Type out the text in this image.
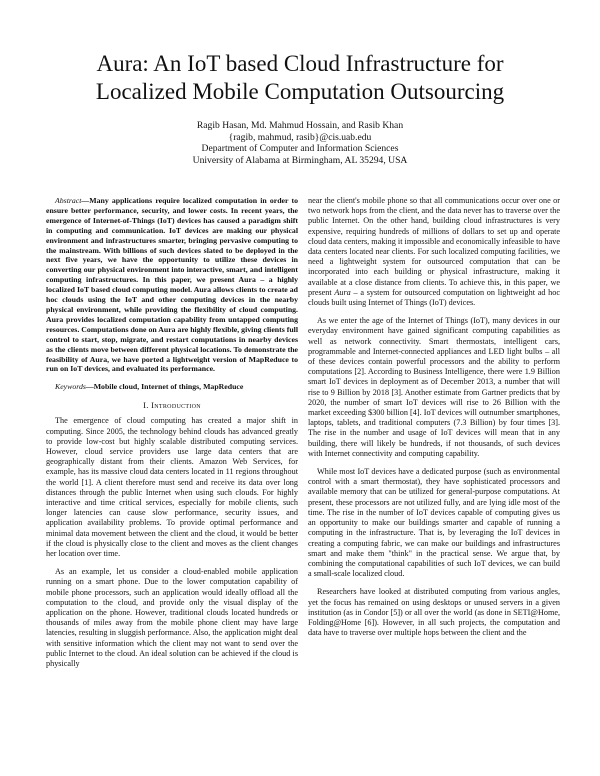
Aura: An IoT based Cloud Infrastructure for
Localized Mobile Computation Outsourcing
Ragib Hasan, Md. Mahmud Hossain, and Rasib Khan
{ragib, mahmud, rasib}@cis.uab.edu
Department of Computer and Information Sciences
University of Alabama at Birmingham, AL 35294, USA

Abstract—Many applications require localized computation in order to ensure better performance, security, and lower costs. In recent years, the emergence of Internet-of-Things (IoT) devices has caused a paradigm shift in computing and communication. IoT devices are making our physical environment and infrastructures smarter, bringing pervasive computing to the mainstream. With billions of such devices slated to be deployed in the next five years, we have the opportunity to utilize these devices in converting our physical environment into interactive, smart, and intelligent computing infrastructures. In this paper, we present Aura – a highly localized IoT based cloud computing model. Aura allows clients to create ad hoc clouds using the IoT and other computing devices in the nearby physical environment, while providing the flexibility of cloud computing. Aura provides localized computation capability from untapped computing resources. Computations done on Aura are highly flexible, giving clients full control to start, stop, migrate, and restart computations in nearby devices as the clients move between different physical locations. To demonstrate the feasibility of Aura, we have ported a lightweight version of MapReduce to run on IoT devices, and evaluated its performance.

Keywords—Mobile cloud, Internet of things, MapReduce

I. Introduction

The emergence of cloud computing has created a major shift in computing. Since 2005, the technology behind clouds has advanced greatly to provide low-cost but highly scalable distributed computing services. However, cloud service providers use large data centers that are geographically distant from their clients. Amazon Web Services, for example, has its massive cloud data centers located in 11 regions throughout the world [1]. A client therefore must send and receive its data over long distances through the public Internet when using such clouds. For highly interactive and time critical services, especially for mobile clients, such longer latencies can cause slow performance, security issues, and application availability problems. To provide optimal performance and minimal data movement between the client and the cloud, it would be better if the cloud is physically close to the client and moves as the client changes her location over time.

As an example, let us consider a cloud-enabled mobile application running on a smart phone. Due to the lower computation capability of mobile phone processors, such an application would ideally offload all the computation to the cloud, and provide only the visual display of the application on the phone. However, traditional clouds located hundreds or thousands of miles away from the mobile phone client may have large latencies, resulting in sluggish performance. Also, the application might deal with sensitive information which the client may not want to send over the public Internet to the cloud. An ideal solution can be achieved if the cloud is physically

near the client's mobile phone so that all communications occur over one or two network hops from the client, and the data never has to traverse over the public Internet. On the other hand, building cloud infrastructures is very expensive, requiring hundreds of millions of dollars to set up and operate cloud data centers, making it impossible and economically infeasible to have data centers located near clients. For such localized computing facilities, we need a lightweight system for outsourced computation that can be incorporated into each building or physical infrastructure, making it available at a close distance from clients. To achieve this, in this paper, we present Aura – a system for outsourced computation on lightweight ad hoc clouds built using Internet of Things (IoT) devices.

As we enter the age of the Internet of Things (IoT), many devices in our everyday environment have gained significant computing capabilities as well as network connectivity. Smart thermostats, intelligent cars, programmable and Internet-connected appliances and LED light bulbs – all of these devices contain powerful processors and the ability to perform computations [2]. According to Business Intelligence, there were 1.9 Billion smart IoT devices in deployment as of December 2013, a number that will rise to 9 Billion by 2018 [3]. Another estimate from Gartner predicts that by 2020, the number of smart IoT devices will rise to 26 Billion with the market exceeding $300 billion [4]. IoT devices will outnumber smartphones, laptops, tablets, and traditional computers (7.3 Billion) by four times [3]. The rise in the number and usage of IoT devices will mean that in any building, there will likely be hundreds, if not thousands, of such devices with Internet connectivity and computing capability.

While most IoT devices have a dedicated purpose (such as environmental control with a smart thermostat), they have sophisticated processors and available memory that can be utilized for general-purpose computations. At present, these processors are not utilized fully, and are lying idle most of the time. The rise in the number of IoT devices capable of computing gives us an opportunity to make our buildings smarter and capable of running a computing in the infrastructure. That is, by leveraging the IoT devices in creating a computing fabric, we can make our buildings and infrastructures smart and make them "think" in the practical sense. We argue that, by combining the computational capabilities of such IoT devices, we can build a small-scale localized cloud.

Researchers have looked at distributed computing from various angles, yet the focus has remained on using desktops or unused servers in a given institution (as in Condor [5]) or all over the world (as done in SETI@Home, Folding@Home [6]). However, in all such projects, the computation and data have to traverse over multiple hops between the client and the
